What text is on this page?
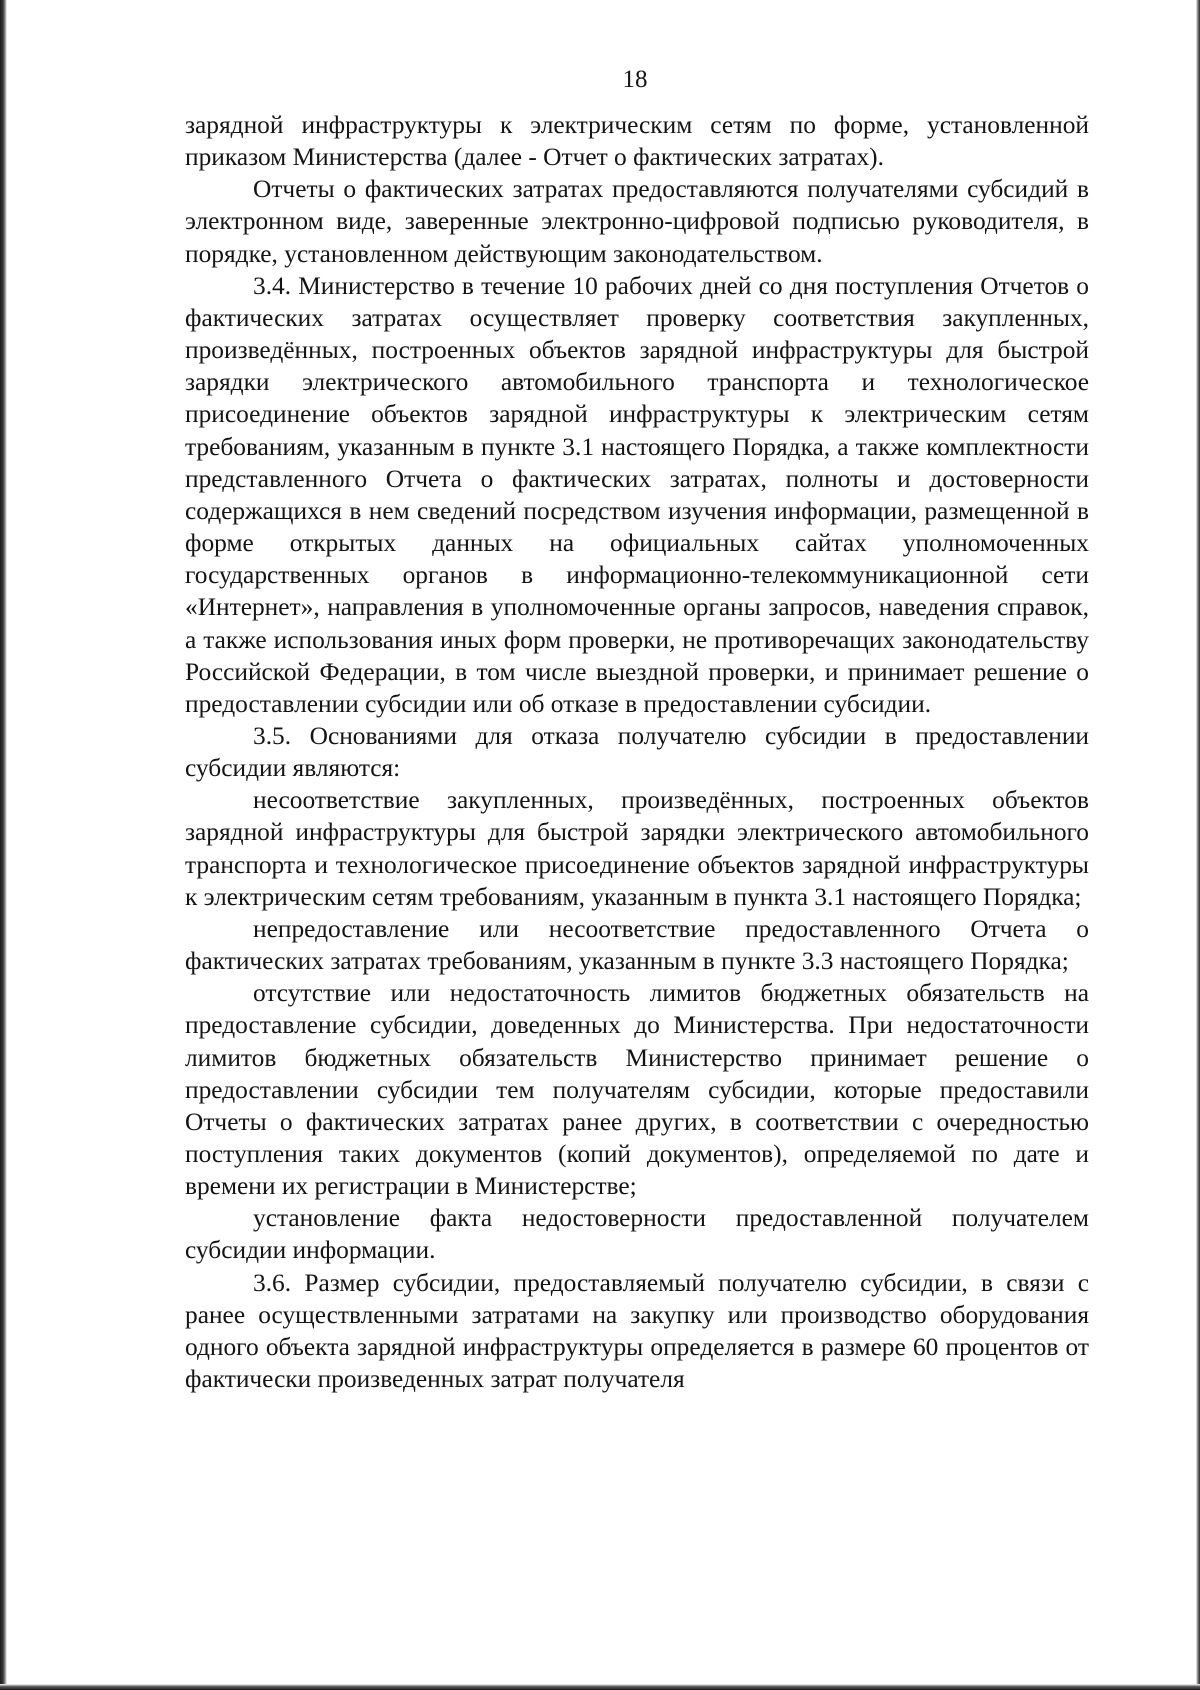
18

зарядной инфраструктуры к электрическим сетям по форме, установленной приказом Министерства (далее - Отчет о фактических затратах).

Отчеты о фактических затратах предоставляются получателями субсидий в электронном виде, заверенные электронно-цифровой подписью руководителя, в порядке, установленном действующим законодательством.

3.4. Министерство в течение 10 рабочих дней со дня поступления Отчетов о фактических затратах осуществляет проверку соответствия закупленных, произведённых, построенных объектов зарядной инфраструктуры для быстрой зарядки электрического автомобильного транспорта и технологическое присоединение объектов зарядной инфраструктуры к электрическим сетям требованиям, указанным в пункте 3.1 настоящего Порядка, а также комплектности представленного Отчета о фактических затратах, полноты и достоверности содержащихся в нем сведений посредством изучения информации, размещенной в форме открытых данных на официальных сайтах уполномоченных государственных органов в информационно-телекоммуникационной сети «Интернет», направления в уполномоченные органы запросов, наведения справок, а также использования иных форм проверки, не противоречащих законодательству Российской Федерации, в том числе выездной проверки, и принимает решение о предоставлении субсидии или об отказе в предоставлении субсидии.

3.5. Основаниями для отказа получателю субсидии в предоставлении субсидии являются:

несоответствие закупленных, произведённых, построенных объектов зарядной инфраструктуры для быстрой зарядки электрического автомобильного транспорта и технологическое присоединение объектов зарядной инфраструктуры к электрическим сетям требованиям, указанным в пункта 3.1 настоящего Порядка;

непредоставление или несоответствие предоставленного Отчета о фактических затратах требованиям, указанным в пункте 3.3 настоящего Порядка;

отсутствие или недостаточность лимитов бюджетных обязательств на предоставление субсидии, доведенных до Министерства. При недостаточности лимитов бюджетных обязательств Министерство принимает решение о предоставлении субсидии тем получателям субсидии, которые предоставили Отчеты о фактических затратах ранее других, в соответствии с очередностью поступления таких документов (копий документов), определяемой по дате и времени их регистрации в Министерстве;

установление факта недостоверности предоставленной получателем субсидии информации.

3.6. Размер субсидии, предоставляемый получателю субсидии, в связи с ранее осуществленными затратами на закупку или производство оборудования одного объекта зарядной инфраструктуры определяется в размере 60 процентов от фактически произведенных затрат получателя
